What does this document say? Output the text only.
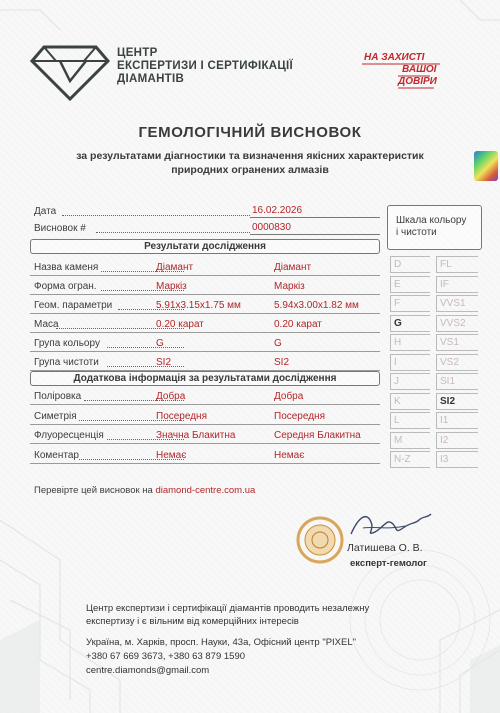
ЦЕНТР
ЕКСПЕРТИЗИ І СЕРТИФІКАЦІЇ
ДІАМАНТІВ
НА ЗАХИСТІ
ВАШОЇ
ДОВІРИ
ГЕМОЛОГІЧНИЙ ВИСНОВОК
за результатами діагностики та визначення якісних характеристик
природних огранених алмазів
Дата	16.02.2026
Висновок #	0000830
Результати дослідження
Назва каменя	Діамант	Діамант
Форма огран.	Маркіз	Маркіз
Геом. параметри	5.91x3.15x1.75 мм	5.94x3.00x1.82 мм
Маса	0.20 карат	0.20 карат
Група кольору	G	G
Група чистоти	SI2	SI2
Додаткова інформація за результатами дослідження
Поліровка	Добра	Добра
Симетрія	Посередня	Посередня
Флуоресценція	Значна Блакитна	Середня Блакитна
Коментар	Немає	Немає
Шкала кольору
і чистоти
D	FL
E	IF
F	VVS1
G	VVS2
H	VS1
I	VS2
J	SI1
K	SI2
L	I1
M	I2
N-Z	I3
Перевірте цей висновок на diamond-centre.com.ua
Латишева О. В.
експерт-гемолог
Центр експертизи і сертифікації діамантів проводить незалежну
експертизу і є вільним від комерційних інтересів
Україна, м. Харків, просп. Науки, 43а, Офісний центр "PIXEL"
+380 67 669 3673, +380 63 879 1590
centre.diamonds@gmail.com
